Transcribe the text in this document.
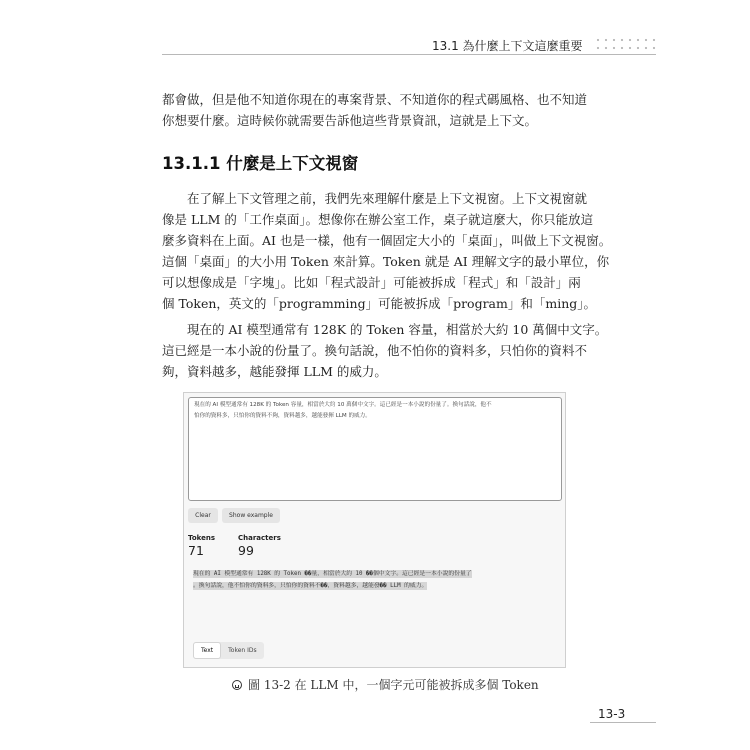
13.1 為什麼上下文這麼重要
都會做，但是他不知道你現在的專案背景、不知道你的程式碼風格、也不知道
你想要什麼。這時候你就需要告訴他這些背景資訊，這就是上下文。
13.1.1 什麼是上下文視窗
　　在了解上下文管理之前，我們先來理解什麼是上下文視窗。上下文視窗就
像是 LLM 的「工作桌面」。想像你在辦公室工作，桌子就這麼大，你只能放這
麼多資料在上面。AI 也是一樣，他有一個固定大小的「桌面」，叫做上下文視窗。
這個「桌面」的大小用 Token 來計算。Token 就是 AI 理解文字的最小單位，你
可以想像成是「字塊」。比如「程式設計」可能被拆成「程式」和「設計」兩
個 Token，英文的「programming」可能被拆成「program」和「ming」。
　　現在的 AI 模型通常有 128K 的 Token 容量，相當於大約 10 萬個中文字。
這已經是一本小說的份量了。換句話說，他不怕你的資料多，只怕你的資料不
夠，資料越多，越能發揮 LLM 的威力。
現在的 AI 模型通常有 128K 的 Token 容量，相當於大約 10 萬個中文字。這已經是一本小說的份量了。換句話說，他不
怕你的資料多，只怕你的資料不夠，資料越多，越能發揮 LLM 的威力。
Clear	Show example
Tokens
71
Characters
99
現在的 AI 模型通常有 128K 的 Token ��量，相當於大約 10 ��個中文字。這已經是一本小說的份量了
。換句話說，他不怕你的資料多，只怕你的資料不��，資料越多，越能發�� LLM 的威力。
Text	Token IDs
圖 13-2 在 LLM 中，一個字元可能被拆成多個 Token
13-3
